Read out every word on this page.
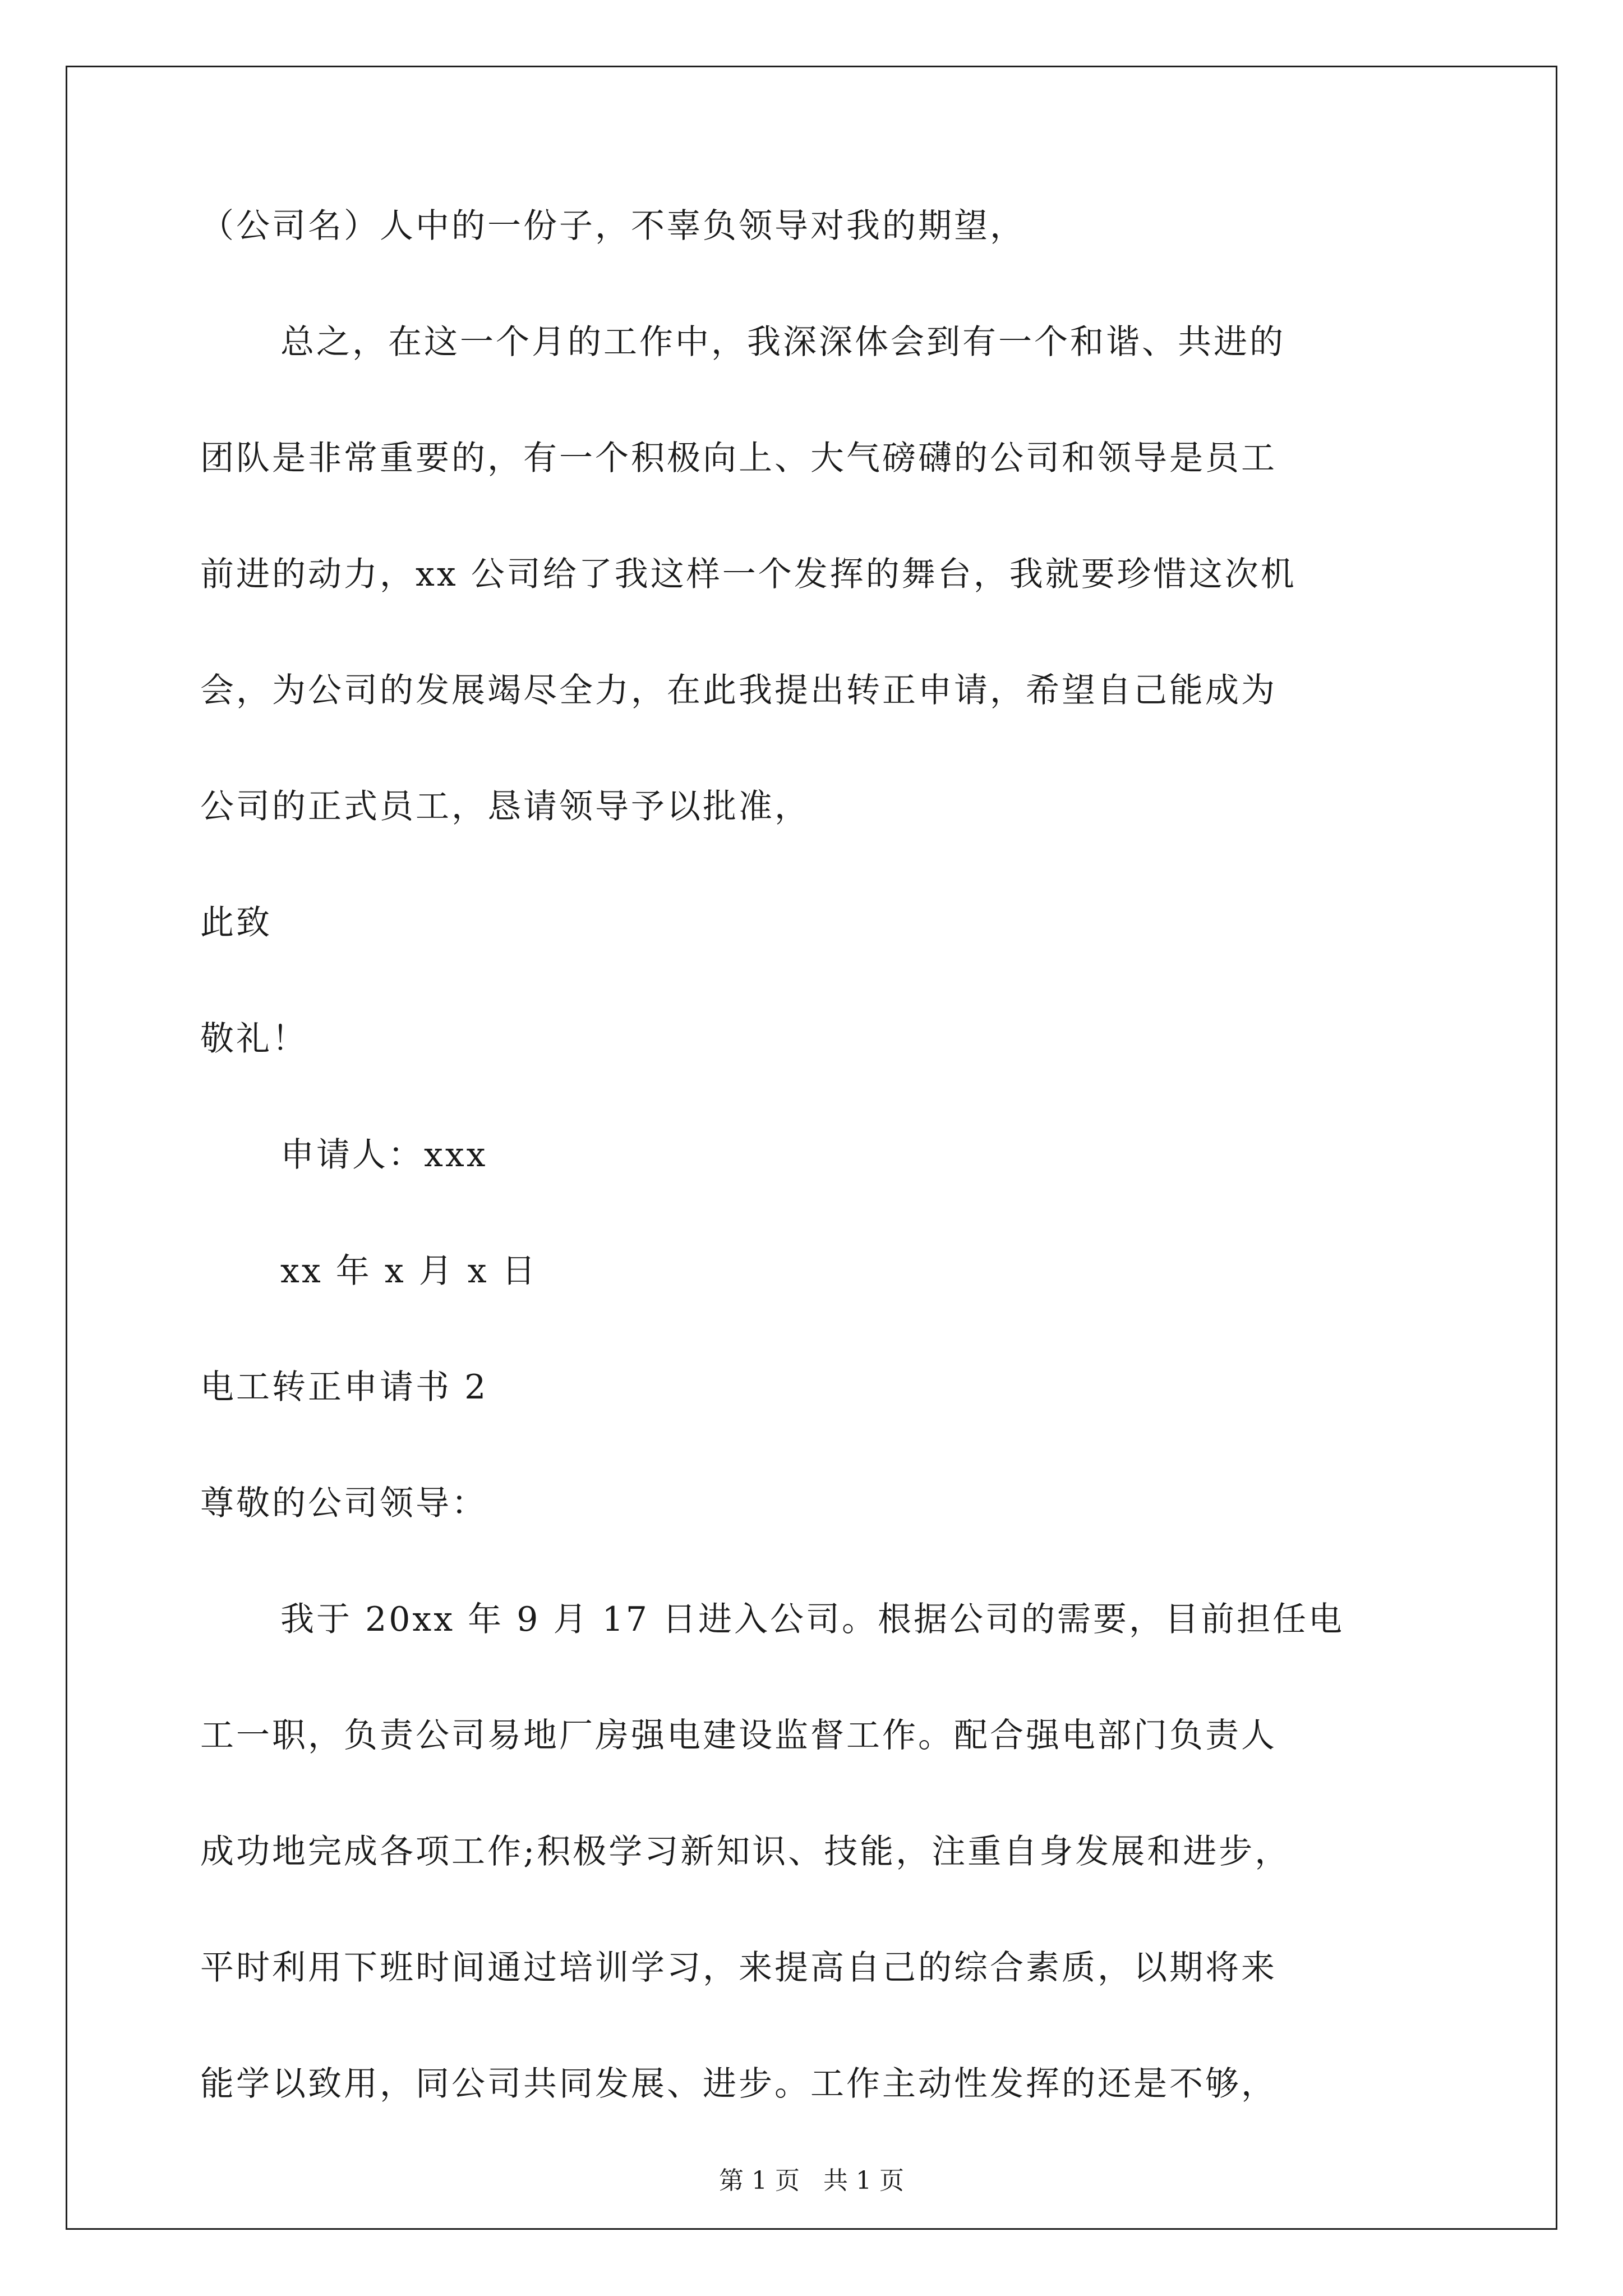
（公司名）人中的一份子，不辜负领导对我的期望，
总之，在这一个月的工作中，我深深体会到有一个和谐、共进的
团队是非常重要的，有一个积极向上、大气磅礴的公司和领导是员工
前进的动力，xx 公司给了我这样一个发挥的舞台，我就要珍惜这次机
会，为公司的发展竭尽全力，在此我提出转正申请，希望自己能成为
公司的正式员工，恳请领导予以批准，
此致
敬礼！
申请人：xxx
xx 年 x 月 x 日
电工转正申请书 2
尊敬的公司领导：
我于 20xx 年 9 月 17 日进入公司。根据公司的需要，目前担任电
工一职，负责公司易地厂房强电建设监督工作。配合强电部门负责人
成功地完成各项工作;积极学习新知识、技能，注重自身发展和进步，
平时利用下班时间通过培训学习，来提高自己的综合素质，以期将来
能学以致用，同公司共同发展、进步。工作主动性发挥的还是不够，
第 1 页   共 1 页
